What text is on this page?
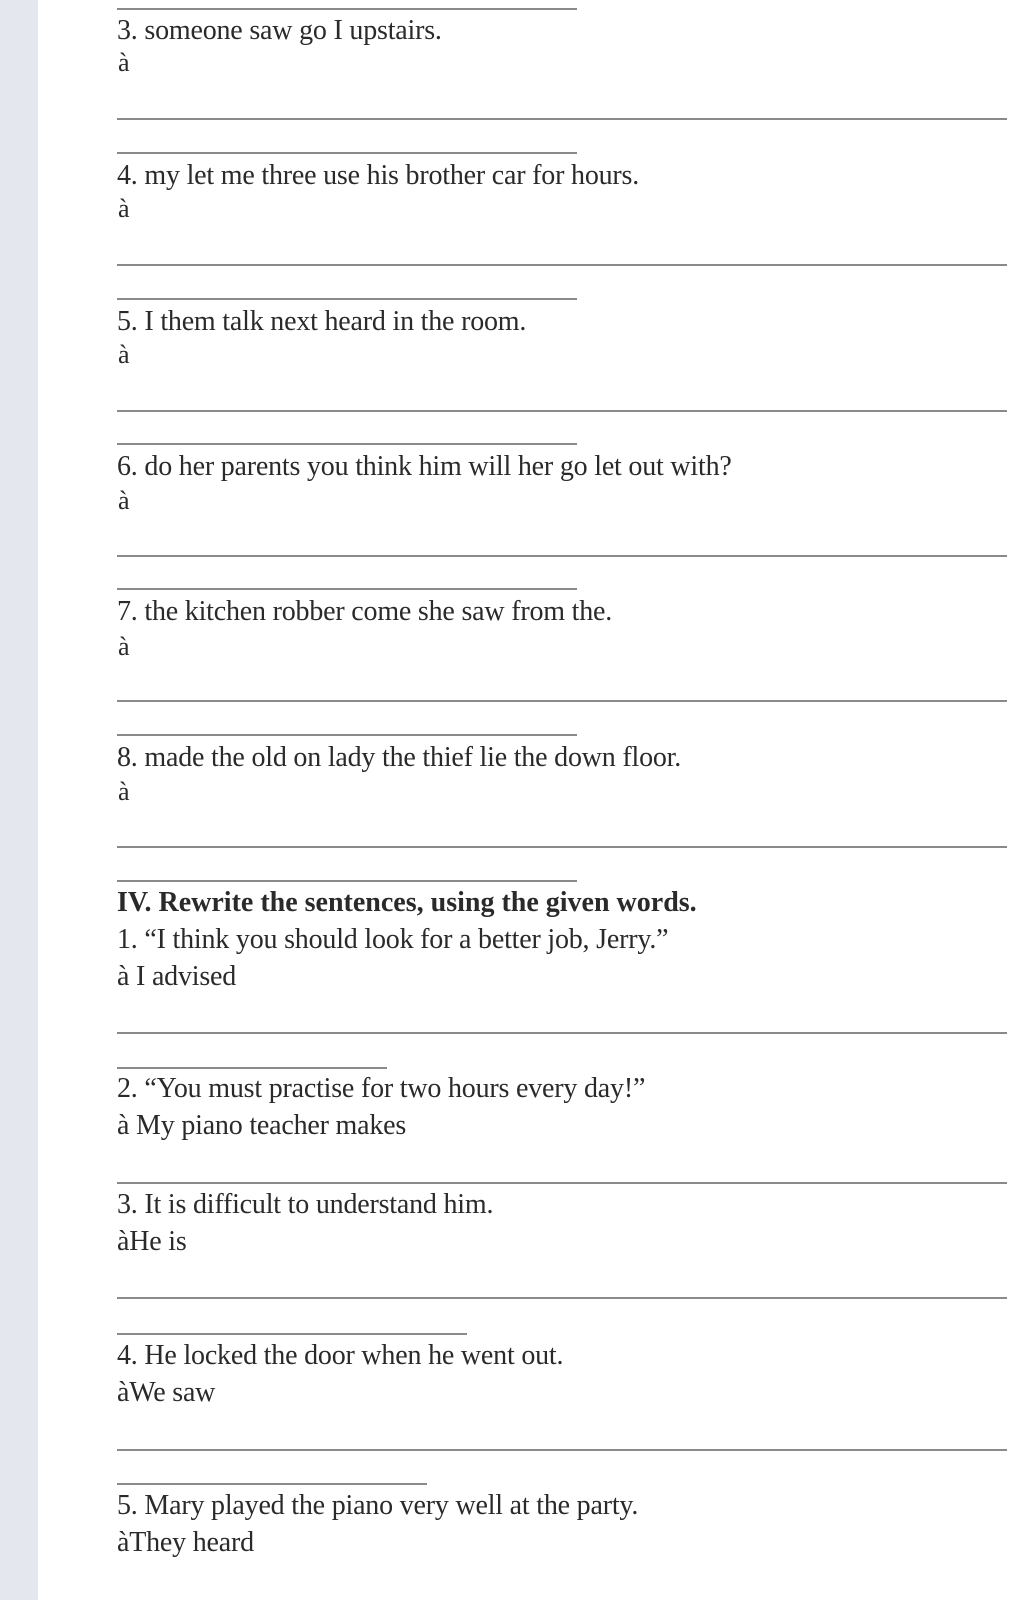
3. someone saw go I upstairs.
à
4. my let me three use his brother car for hours.
à
5. I them talk next heard in the room.
à
6. do her parents you think him will her go let out with?
à
7. the kitchen robber come she saw from the.
à
8. made the old on lady the thief lie the down floor.
à
IV. Rewrite the sentences, using the given words.
1. “I think you should look for a better job, Jerry.”
à I advised
2. “You must practise for two hours every day!”
à My piano teacher makes
3. It is difficult to understand him.
àHe is
4. He locked the door when he went out.
àWe saw
5. Mary played the piano very well at the party.
àThey heard
